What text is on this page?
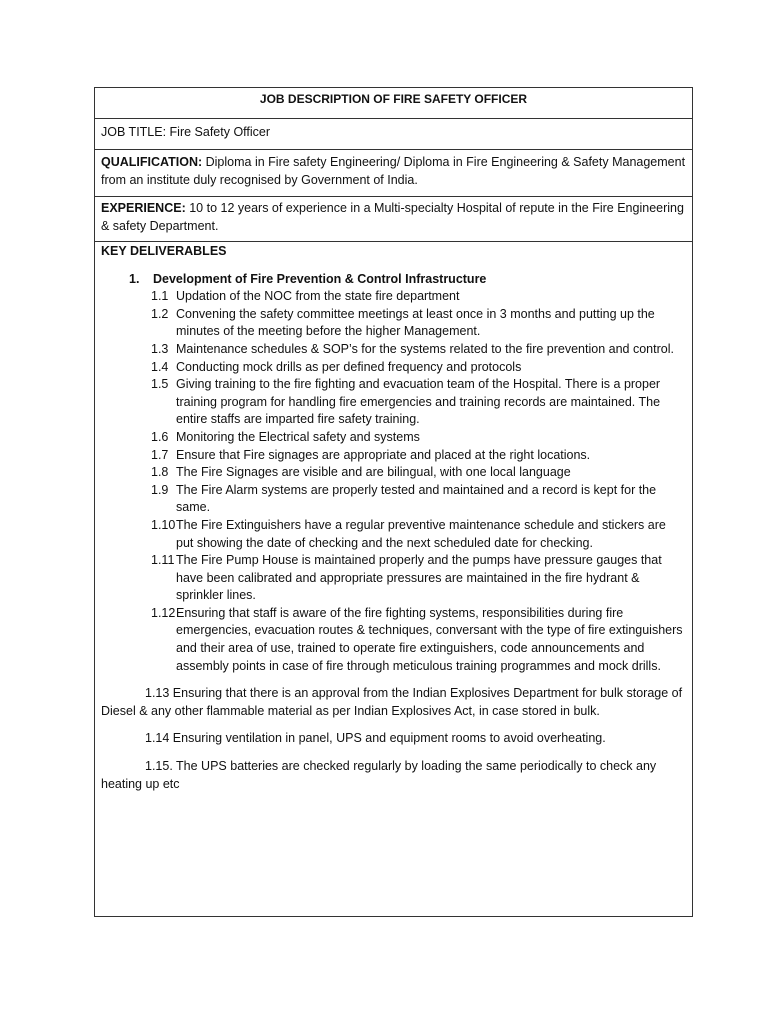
JOB DESCRIPTION OF FIRE SAFETY OFFICER
JOB TITLE: Fire Safety Officer
QUALIFICATION: Diploma in Fire safety Engineering/ Diploma in Fire Engineering & Safety Management from an institute duly recognised by Government of India.
EXPERIENCE: 10 to 12 years of experience in a Multi-specialty Hospital of repute in the Fire Engineering & safety Department.
KEY DELIVERABLES
1. Development of Fire Prevention & Control Infrastructure
1.1 Updation of the NOC from the state fire department
1.2 Convening the safety committee meetings at least once in 3 months and putting up the minutes of the meeting before the higher Management.
1.3 Maintenance schedules & SOP’s for the systems related to the fire prevention and control.
1.4 Conducting mock drills as per defined frequency and protocols
1.5 Giving training to the fire fighting and evacuation team of the Hospital. There is a proper training program for handling fire emergencies and training records are maintained. The entire staffs are imparted fire safety training.
1.6 Monitoring the Electrical safety and systems
1.7 Ensure that Fire signages are appropriate and placed at the right locations.
1.8 The Fire Signages are visible and are bilingual, with one local language
1.9 The Fire Alarm systems are properly tested and maintained and a record is kept for the same.
1.10 The Fire Extinguishers have a regular preventive maintenance schedule and stickers are put showing the date of checking and the next scheduled date for checking.
1.11 The Fire Pump House is maintained properly and the pumps have pressure gauges that have been calibrated and appropriate pressures are maintained in the fire hydrant & sprinkler lines.
1.12 Ensuring that staff is aware of the fire fighting systems, responsibilities during fire emergencies, evacuation routes & techniques, conversant with the type of fire extinguishers and their area of use, trained to operate fire extinguishers, code announcements and assembly points in case of fire through meticulous training programmes and mock drills.
1.13 Ensuring that there is an approval from the Indian Explosives Department for bulk storage of Diesel & any other flammable material as per Indian Explosives Act, in case stored in bulk.
1.14 Ensuring ventilation in panel, UPS and equipment rooms to avoid overheating.
1.15. The UPS batteries are checked regularly by loading the same periodically to check any heating up etc
